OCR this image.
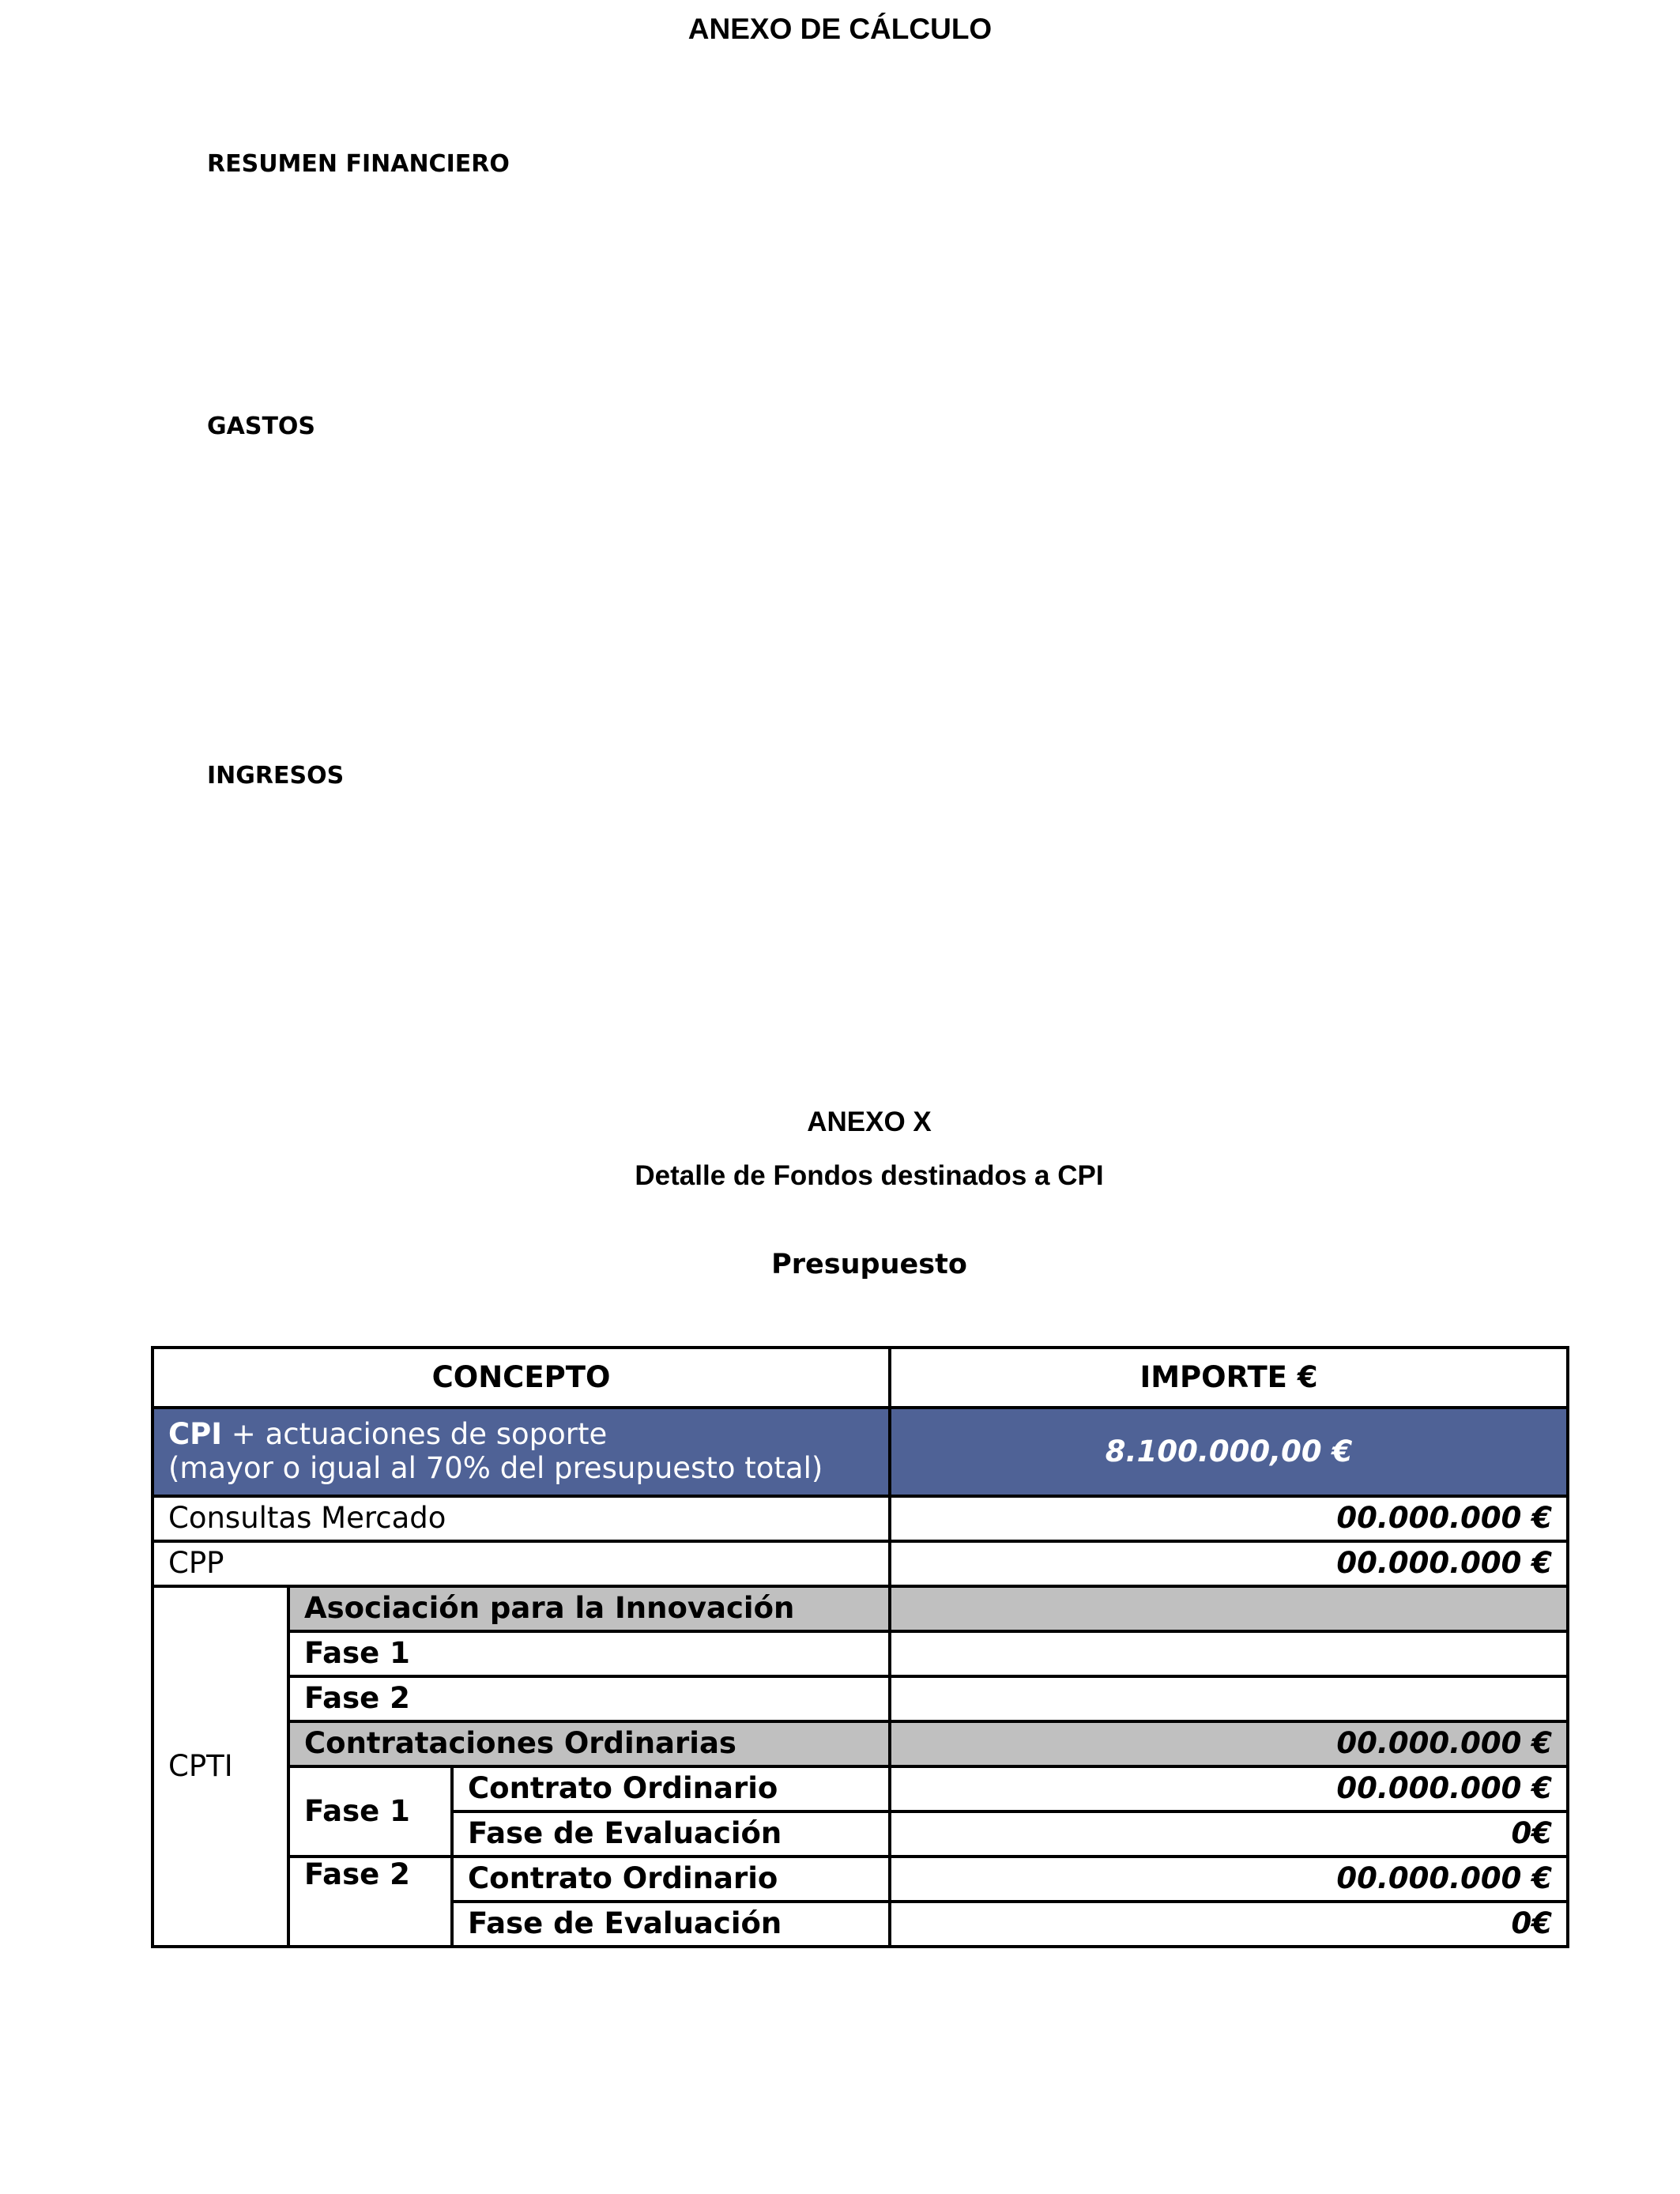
ANEXO DE CÁLCULO
RESUMEN FINANCIERO
GASTOS
INGRESOS
ANEXO X
Detalle de Fondos destinados a CPI
Presupuesto
CONCEPTO			IMPORTE €
CPI + actuaciones de soporte
(mayor o igual al 70% del presupuesto total)			8.100.000,00 €
Consultas Mercado			00.000.000 €
CPP			00.000.000 €
CPTI	Asociación para la Innovación		
	Fase 1		
	Fase 2		
	Contrataciones Ordinarias		00.000.000 €
	Fase 1	Contrato Ordinario	00.000.000 €
		Fase de Evaluación	0€
	Fase 2	Contrato Ordinario	00.000.000 €
		Fase de Evaluación	0€
